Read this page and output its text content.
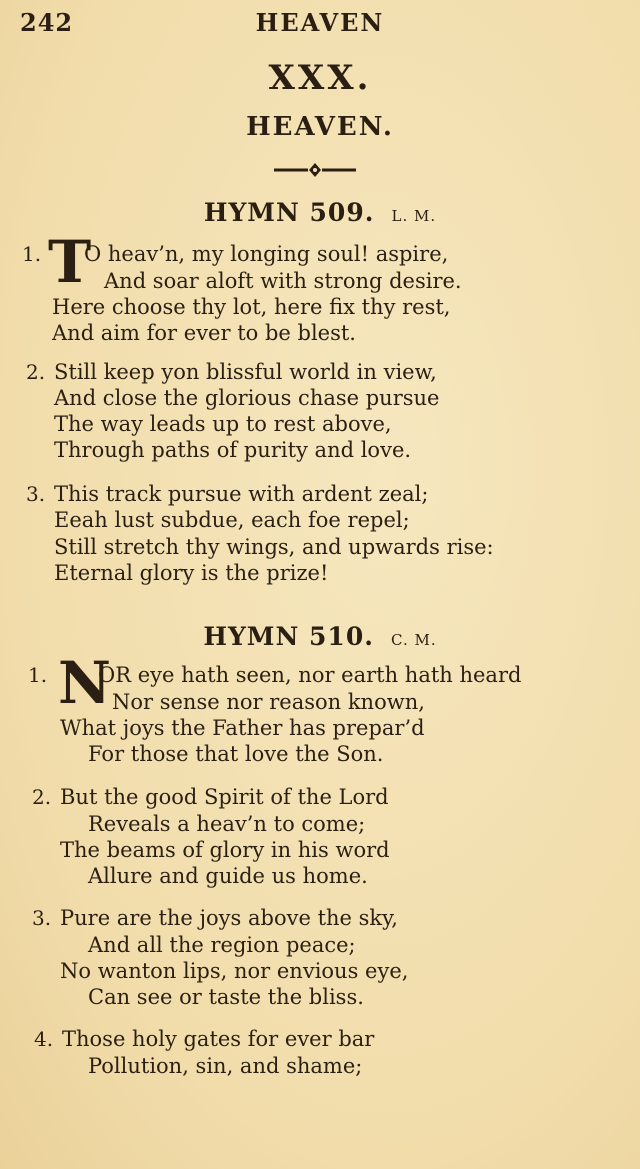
242	HEAVEN
XXX.
HEAVEN.
HYMN 509. L. M.
1. T
O heav’n, my longing soul! aspire,
And soar aloft with strong desire.
Here choose thy lot, here fix thy rest,
And aim for ever to be blest.
2. Still keep yon blissful world in view,
And close the glorious chase pursue
The way leads up to rest above,
Through paths of purity and love.
3. This track pursue with ardent zeal;
Eeah lust subdue, each foe repel;
Still stretch thy wings, and upwards rise:
Eternal glory is the prize!
HYMN 510. C. M.
1. N
OR eye hath seen, nor earth hath heard
Nor sense nor reason known,
What joys the Father has prepar’d
For those that love the Son.
2. But the good Spirit of the Lord
Reveals a heav’n to come;
The beams of glory in his word
Allure and guide us home.
3. Pure are the joys above the sky,
And all the region peace;
No wanton lips, nor envious eye,
Can see or taste the bliss.
4. Those holy gates for ever bar
Pollution, sin, and shame;
